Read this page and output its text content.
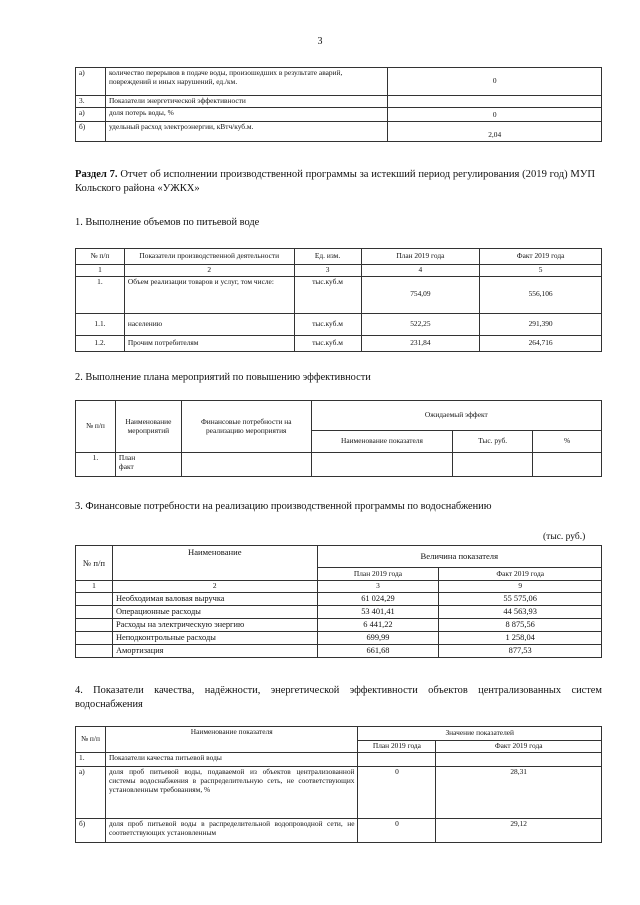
3
а)	количество перерывов в подаче воды, произошедших в результате аварий, повреждений и иных нарушений, ед./км.	0
3.	Показатели энергетической эффективности	
а)	доля потерь воды, %	0
б)	удельный расход электроэнергии, кВтч/куб.м.	2,04
Раздел 7. Отчет об исполнении производственной программы за истекший период регулирования (2019 год) МУП Кольского района «УЖКХ»
1. Выполнение объемов по питьевой воде
№ п/п	Показатели производственной деятельности	Ед. изм.	План 2019 года	Факт 2019 года
1	2	3	4	5
1.	Объем реализации товаров и услуг, том числе:	тыс.куб.м	754,09	556,106
1.1.	населению	тыс.куб.м	522,25	291,390
1.2.	Прочим потребителям	тыс.куб.м	231,84	264,716
2. Выполнение плана мероприятий по повышению эффективности
№ п/п	Наименование мероприятий	Финансовые потребности на реализацию мероприятия	Ожидаемый эффект		
			Наименование показателя	Тыс. руб.	%
1.	План
факт				

3. Финансовые потребности на реализацию производственной программы по водоснабжению
(тыс. руб.)
№ п/п	Наименование	Величина показателя	
		План 2019 года	Факт 2019 года
1	2	3	9
	Необходимая валовая выручка	61 024,29	55 575,06
	Операционные расходы	53 401,41	44 563,93
	Расходы на электрическую энергию	6 441,22	8 875,56
	Неподконтрольные расходы	699,99	1 258,04
	Амортизация	661,68	877,53
4. Показатели качества, надёжности, энергетической эффективности объектов централизованных систем водоснабжения
№ п/п	Наименование показателя	Значение показателей	
		План 2019 года	Факт 2019 года
1.	Показатели качества питьевой воды		
а)	доля проб питьевой воды, подаваемой из объектов централизованной системы водоснабжения в распределительную сеть, не соответствующих установленным требованиям, %	0	28,31
б)	доля проб питьевой воды в распределительной водопроводной сети, не соответствующих установленным	0	29,12
